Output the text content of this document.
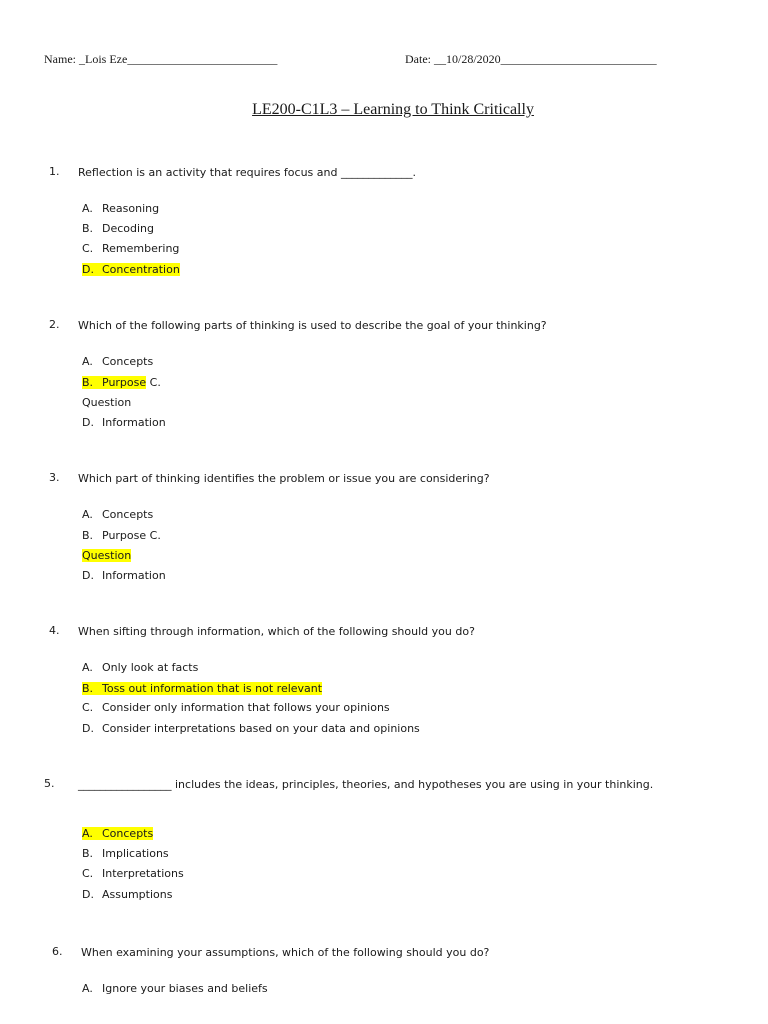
Name: _Lois Eze_________________________	Date: __10/28/2020__________________________
LE200-C1L3 – Learning to Think Critically
1. Reflection is an activity that requires focus and _____________.
A. Reasoning
B. Decoding
C. Remembering
D. Concentration
2. Which of the following parts of thinking is used to describe the goal of your thinking?
A. Concepts
B. Purpose C.
Question
D. Information
3. Which part of thinking identifies the problem or issue you are considering?
A. Concepts
B. Purpose C.
Question
D. Information
4. When sifting through information, which of the following should you do?
A. Only look at facts
B. Toss out information that is not relevant
C. Consider only information that follows your opinions
D. Consider interpretations based on your data and opinions
5. _________________ includes the ideas, principles, theories, and hypotheses you are using in your thinking.
A. Concepts
B. Implications
C. Interpretations
D. Assumptions
6. When examining your assumptions, which of the following should you do?
A. Ignore your biases and beliefs
